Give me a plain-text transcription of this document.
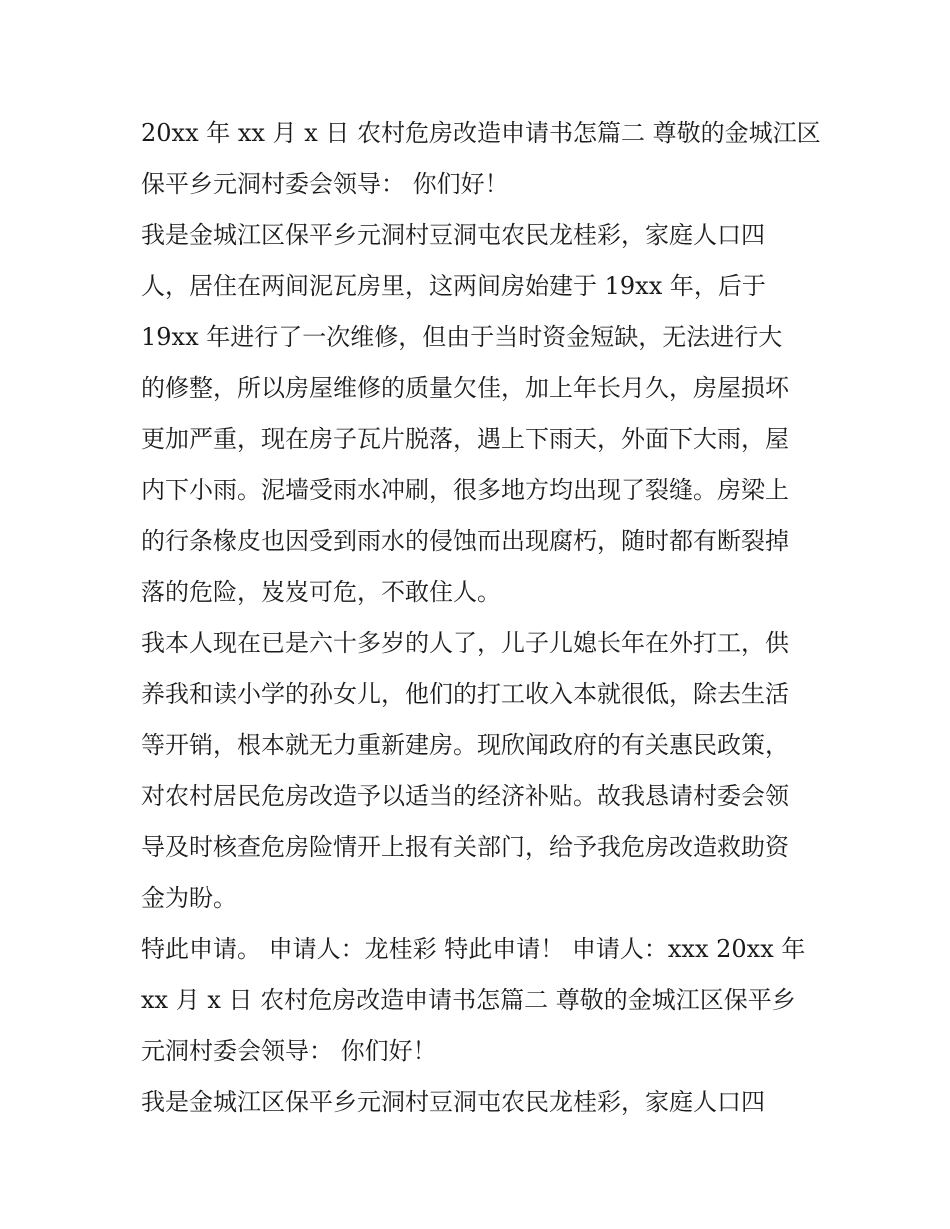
20xx 年 xx 月 x 日 农村危房改造申请书怎篇二 尊敬的金城江区
保平乡元洞村委会领导： 你们好！
我是金城江区保平乡元洞村豆洞屯农民龙桂彩，家庭人口四
人，居住在两间泥瓦房里，这两间房始建于 19xx 年，后于
19xx 年进行了一次维修，但由于当时资金短缺，无法进行大
的修整，所以房屋维修的质量欠佳，加上年长月久，房屋损坏
更加严重，现在房子瓦片脱落，遇上下雨天，外面下大雨，屋
内下小雨。泥墙受雨水冲刷，很多地方均出现了裂缝。房梁上
的行条椽皮也因受到雨水的侵蚀而出现腐朽，随时都有断裂掉
落的危险，岌岌可危，不敢住人。
我本人现在已是六十多岁的人了，儿子儿媳长年在外打工，供
养我和读小学的孙女儿，他们的打工收入本就很低，除去生活
等开销，根本就无力重新建房。现欣闻政府的有关惠民政策，
对农村居民危房改造予以适当的经济补贴。故我恳请村委会领
导及时核查危房险情开上报有关部门，给予我危房改造救助资
金为盼。
特此申请。 申请人：龙桂彩 特此申请！ 申请人：xxx 20xx 年
xx 月 x 日 农村危房改造申请书怎篇二 尊敬的金城江区保平乡
元洞村委会领导： 你们好！
我是金城江区保平乡元洞村豆洞屯农民龙桂彩，家庭人口四
